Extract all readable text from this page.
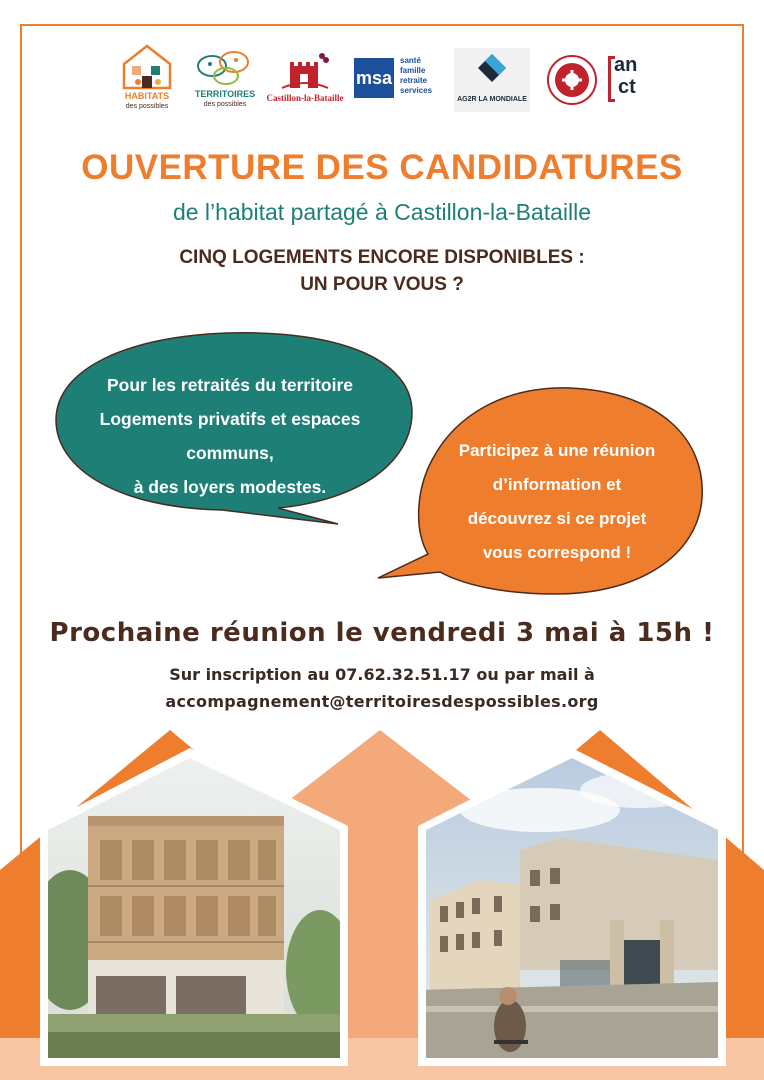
HABITATS
des possibles
TERRITOIRES
des possibles
Castillon-la-Bataille
msa
santé
famille
retraite
services
AG2R LA MONDIALE
an
ct
OUVERTURE DES CANDIDATURES

de l’habitat partagé à Castillon-la-Bataille

CINQ LOGEMENTS ENCORE DISPONIBLES :
UN POUR VOUS ?
Pour les retraités du territoire
Logements privatifs et espaces
communs,
à des loyers modestes.
Participez à une réunion
d’information et
découvrez si ce projet
vous correspond !
Prochaine réunion le vendredi 3 mai à 15h !
Sur inscription au 07.62.32.51.17 ou par mail à
accompagnement@territoiresdespossibles.org
